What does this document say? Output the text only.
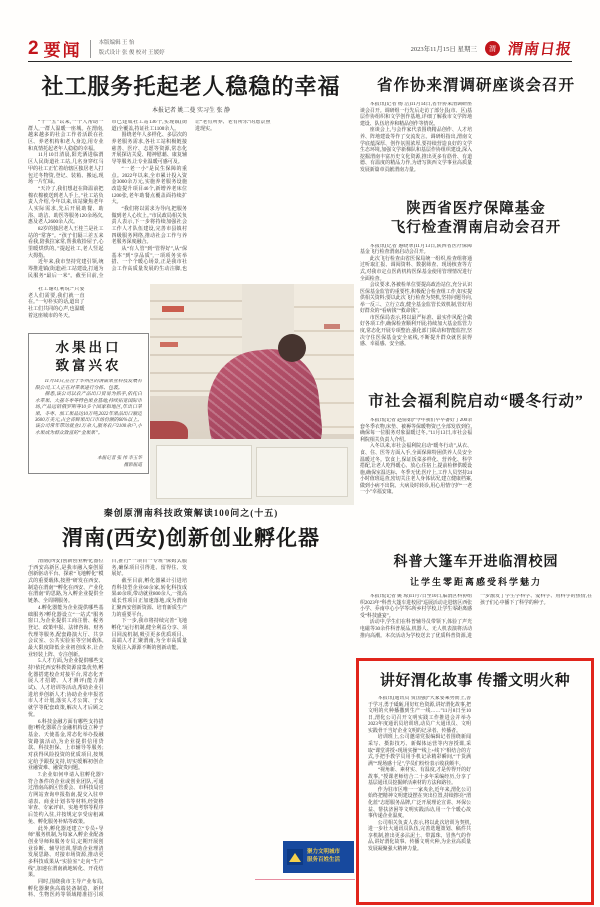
2 要闻	本版编辑 王 怡
版式设计 张 俊 校对 王媛婷	2023年11月15日 星期三	渭 渭南日报
社工服务托起老人稳稳的幸福
本报记者 姚二曼 实习生 张 静

“十一五”以来,一个人帮助一群人,一群人温暖一座城。在渭南,越来越多的社会工作者活跃在社区、养老机构和老人身边,用专业和真情托起老年人稳稳的幸福。

11月10日清晨,阳光洒进临渭区人民街道社工站,几名身穿红马甲的社工正忙着给辖区独居老人打包过冬物资,登记、装箱、搬运,现场一片忙碌。

“天冷了,我们想赶在降温前把棉衣棉被送到老人手上。”社工站负责人介绍,今年以来,该站聚焦老年人实际需求,先后开展助餐、助浴、助洁、助医等服务120余场次,惠及老人2600余人次。

82岁的独居老人王桂兰是社工站的“常客”。“孩子们隔三差五来看我,陪我拉家常,帮我收拾屋子,心里暖烘烘的。”提起社工,老人竖起大拇指。

近年来,我市坚持党建引领,统筹推进镇(街道)社工站建设,打通为民服务“最后一米”。截至目前,全市已建成社工站136个,实现镇(街道)全覆盖,持证社工1100余人。

围绕老年人多样化、多层次的养老服务需求,各社工站积极链接慈善、医疗、志愿等资源,常态化开展探访关爱、精神慰藉、康复辅导等服务,让专业温暖可感可及。

“一老一小”是民生保障的重点。2022年以来,全市累计投入资金3000余万元,实施养老服务设施改造提升项目46个,新增养老床位1200张,老年助餐点覆盖面持续扩大。

“我们将以需求为导向,把服务做到老人心坎上。”市民政局相关负责人表示,下一步将持续加强社会工作人才队伍建设,完善市县镇村四级服务网络,推动社会工作与养老服务深度融合。

从“有人管”到“管得好”,从“保基本”到“享品质”,一项项务实举措、一个个暖心场景,正是我市社会工作高质量发展的生动注脚,也让“老有所养、老有所乐”的愿景照进现实。

社工谢红利说:“只要老人们需要,我们就一直在。”一句朴实的话,道出了社工们共同的心声,也温暖着这座城市的冬天。

水果出口
致富兴农

11月14日,在位于华州区的渭南果业科技发展有限公司,工人正在对苹果进行分拣、包装。

据悉,该公司以农产品出口贸易为抓手,依托白水苹果、大荔冬枣等特色果业基地,持续拓宽国际市场,产品远销俄罗斯等10多个国家和地区,年出口苹果、冬枣、加工果品达10万吨,2022年果品出口额近3600万美元,占全省鲜果出口市场份额的60%以上。该公司常年带动就业1万余人,服务农户2100余户,小水果成为群众致富的“金果果”。

本报记者 张 伟 李玉华
摄影报道
秦创原渭南科技政策解读100问之(十五)
渭南(西安)创新创业孵化器

渭南(西安)创新创业孵化器位于西安高新区,是我市融入秦创原创新驱动平台、探索“飞地孵化”模式的重要载体,按照“研发在西安、制造在渭南”“孵化在西安、产业化在渭南”的思路,为入孵企业提供全链条、全周期服务。

4.孵化器能为企业提供哪些基础服务?孵化器设立“一站式”服务窗口,为企业提供工商注册、税务登记、政策申报、法律咨询、财务代理等服务,配套路演大厅、共享会议室、公共实验室等空间载体,最大限度降低企业初创成本,让企业轻装上阵、专注创新。

5.人才方面,为企业提供哪些支持?依托西安科教资源富集优势,孵化器搭建校企对接平台,常态化开展人才招聘、人才测评(能力测试)、人才培训等活动,帮助企业引进培养创新人才;协助企业申报省市人才计划,落实人才公寓、子女就学等配套政策,解决人才后顾之忧。

6.科技金融方面有哪些支持措施?孵化器联合金融机构设立种子基金、天使基金,常态化举办投融资路演活动,为企业提供信用贷款、科技担保、上市辅导等服务;对获得风险投资的优质项目,按规定给予跟投支持,切实缓解初创企业融资难、融资贵问题。

7.企业如何申请入驻孵化器?符合条件的企业或创业团队,可通过渭南高新区管委会、市科技局官方网站查询申报指南,提交入驻申请表、商业计划书等材料,经资格审查、专家评审、实地考察等程序后签约入驻,并按规定享受房租减免、孵化服务补贴等政策。

此外,孵化器还建立“专员+导师”服务机制,为每家入孵企业配备创业导师和服务专员,定期开展创业诊断、辅导培训,帮助企业理清发展思路、对接市场资源,推动更多科技成果从“实验室”走向“生产线”,加速在渭南就地转化、开花结果。

同时,围绕我市主导产业布局,孵化器聚焦高端装备制造、新材料、生物医药等领域精准招引项目,推行“一项目一专班”保姆式服务,确保项目引得进、留得住、发展好。

截至目前,孵化器累计引进培育科技型企业60余家,转化科技成果40余项,带动就业800余人,一批高成长性项目正加速落地,成为渭南汇聚西安创新资源、培育新质生产力的重要平台。

下一步,我市将持续完善“飞地孵化”运行机制,健全利益分享、项目回流机制,吸引更多优质项目、高端人才汇聚渭南,为全市高质量发展注入源源不断的创新动能。

省作协来渭调研座谈会召开

本报讯(记者 杨 洁)11月14日,省作协来渭调研座谈会召开。调研组一行先后走访了部分县(市、区)基层作协组织和文学创作基地,详细了解我市文学阵地建设、队伍培养和精品创作等情况。

座谈会上,与会作家代表围绕精品创作、人才培养、阵地建设等作了交流发言。调研组指出,渭南文学底蕴深厚、创作氛围浓厚,要持续营造良好的文学生态环境,加强文学新梯队和基层作协组织建设,深入挖掘渭南丰富历史文化资源,推出更多有筋骨、有道德、有温度的精品力作,为谱写陕西文学事业高质量发展新篇章贡献渭南力量。

陕西省医疗保障基金
飞行检查渭南启动会召开

本报讯(记者 惠晓翠)11月13日,陕西省医疗保障基金飞行检查渭南启动会召开。

此次飞行检查由省医保局统一组织,检查组将通过听取汇报、调阅资料、数据筛查、现场核查等方式,对我市定点医药机构医保基金使用管理情况进行全面检查。

会议要求,各被检单位要提高政治站位,充分认识医保基金监管的重要性,积极配合检查组工作,如实提供相关资料;要以此次飞行检查为契机,坚持问题导向,举一反三、立行立改,健全基金监管长效机制,管好用好群众的“看病钱”“救命钱”。

市医保局表示,将以最严标准、最实作风配合做好各项工作,确保检查顺利开展;持续加大基金监管力度,常态化开展专项整治,强化部门联动和智能监控,坚决守住医保基金安全底线,不断提升群众就医获得感、幸福感、安全感。

市社会福利院启动“暖冬行动”

本报讯(记者 赵倩茹)“今年我们早早备好了200余套冬季衣物,床垫、被褥等保暖物资已全部发放到位,确保每一位服务对象温暖过冬。”11月13日,市社会福利院相关负责人介绍。

入冬以来,市社会福利院启动“暖冬行动”,从衣、食、住、医等方面入手,全面保障特困供养人员安全温暖过冬。饮食上,保证饭菜多样化、营养化、科学搭配,让老人吃得暖心、放心;住宿上,提前检修供暖设施,确保室温达标、冬季无忧;医疗上,工作人员坚持24小时值班巡查,密切关注老人身体状况,建立健康档案,做到小病不出院、大病及时转诊,用心用情守护“一老一小”幸福安康。

科普大篷车开进临渭校园
让学生零距离感受科学魅力

本报讯(记者 姚 琼)11月7日至10日,临渭区科协组织2023年“科普大篷车进校园”巡展活动走进辖区西张小学、乔南中心小学等5所乡村学校,让学生零距离感受“科技盛宴”。

活动中,学生们在科普辅导员带领下,体验了声光电磁等30余件科普展品,机器人、无人机表演将活动推向高潮。本次活动为学校送去了优质科普资源,进一步激发了学生学科学、爱科学、用科学的热情,在孩子们心中播下了科学的种子。

讲好渭化故事 传播文明火种

本报讯(通讯员 贾国强)“大家要乘势而上,善于学习,勇于砥砺,用好红色资源,讲好渭化故事,把文明的火种播撒到生产一线……”11月8日至10日,渭化公司召开文明实践工作推进会并举办2023年度通讯员培训班,动员广大通讯员、文明实践骨干当好企业文明的记录者、传播者。

培训班上,公司邀请党报编辑记者围绕新闻采写、摄影技巧、新媒体运营等内容授课,采取“课堂讲授+现场实操”“线上+线下”相结合的方式,手把手教学员用手机记录精彩瞬间,“干货满满”“现场感十足”,学员们纷纷表示收获颇丰。

“视角新、素材实、有温度,才是传得开的好故事。”授课老师结合二十多年采编经历,分享了基层通讯员挖掘鲜活素材的方法和路径。

作为驻市区唯一一家央企,近年来,渭化公司始终把精神文明建设摆在突出位置,持续擦亮“渭化蓝”志愿服务品牌,广泛开展理论宣讲、环保公益、帮扶济困等文明实践活动,用一个个暖心故事传递企业温度。

公司相关负责人表示,将以此次培训为契机,进一步壮大通讯员队伍,完善选题策划、稿件共享机制,推出更多沾泥土、带露珠、冒热气的作品,讲好渭化故事、传播文明火种,为企业高质量发展凝聚强大精神力量。

聚力文明城市
服务百姓生活
